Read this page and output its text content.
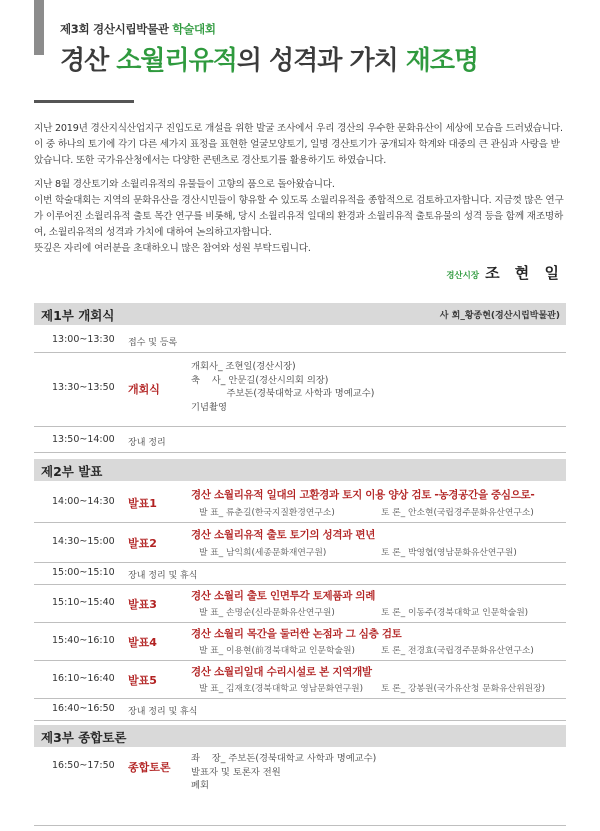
제3회 경산시립박물관 학술대회
경산 소월리유적의 성격과 가치 재조명

지난 2019년 경산지식산업지구 진입도로 개설을 위한 발굴 조사에서 우리 경산의 우수한 문화유산이 세상에 모습을 드러냈습니다. 이 중 하나의 토기에 각기 다른 세가지 표정을 표현한 얼굴모양토기, 일명 경산토기가 공개되자 학계와 대중의 큰 관심과 사랑을 받았습니다. 또한 국가유산청에서는 다양한 콘텐츠로 경산토기를 활용하기도 하였습니다.

지난 8월 경산토기와 소월리유적의 유물들이 고향의 품으로 돌아왔습니다.

이번 학술대회는 지역의 문화유산을 경산시민들이 향유할 수 있도록 소월리유적을 종합적으로 검토하고자합니다. 지금껏 많은 연구가 이루어진 소월리유적 출토 목간 연구를 비롯해, 당시 소월리유적 일대의 환경과 소월리유적 출토유물의 성격 등을 함께 재조명하여, 소월리유적의 성격과 가치에 대하여 논의하고자합니다.

뜻깊은 자리에 여러분을 초대하오니 많은 참여와 성원 부탁드립니다.

경산시장 조 현 일
제1부 개회식	사 회_황종현(경산시립박물관)
13:00~13:30 접수 및 등록
13:30~13:50 개회식
개회사_ 조현일(경산시장)
축    사_ 안문길(경산시의회 의장)
주보돈(경북대학교 사학과 명예교수)
기념촬영
13:50~14:00 장내 정리
제2부 발표
14:00~14:30 발표1
경산 소월리유적 일대의 고환경과 토지 이용 양상 검토 -농경공간을 중심으로-
발 표_ 류춘길(한국지질환경연구소)	토 론_ 안소현(국립경주문화유산연구소)
14:30~15:00 발표2
경산 소월리유적 출토 토기의 성격과 편년
발 표_ 남익희(세종문화재연구원)	토 론_ 박영협(영남문화유산연구원)
15:00~15:10 장내 정리 및 휴식
15:10~15:40 발표3
경산 소월리 출토 인면투각 토제품과 의례
발 표_ 손명순(신라문화유산연구원)	토 론_ 이동주(경북대학교 인문학술원)
15:40~16:10 발표4
경산 소월리 목간을 둘러싼 논점과 그 심층 검토
발 표_ 이용현(前경북대학교 인문학술원)	토 론_ 전경효(국립경주문화유산연구소)
16:10~16:40 발표5
경산 소월리일대 수리시설로 본 지역개발
발 표_ 김재호(경북대학교 영남문화연구원) 토 론_ 강봉원(국가유산청 문화유산위원장)
16:40~16:50 장내 정리 및 휴식
제3부 종합토론
16:50~17:50 종합토론
좌    장_ 주보돈(경북대학교 사학과 명예교수)
발표자 및 토론자 전원
폐회
